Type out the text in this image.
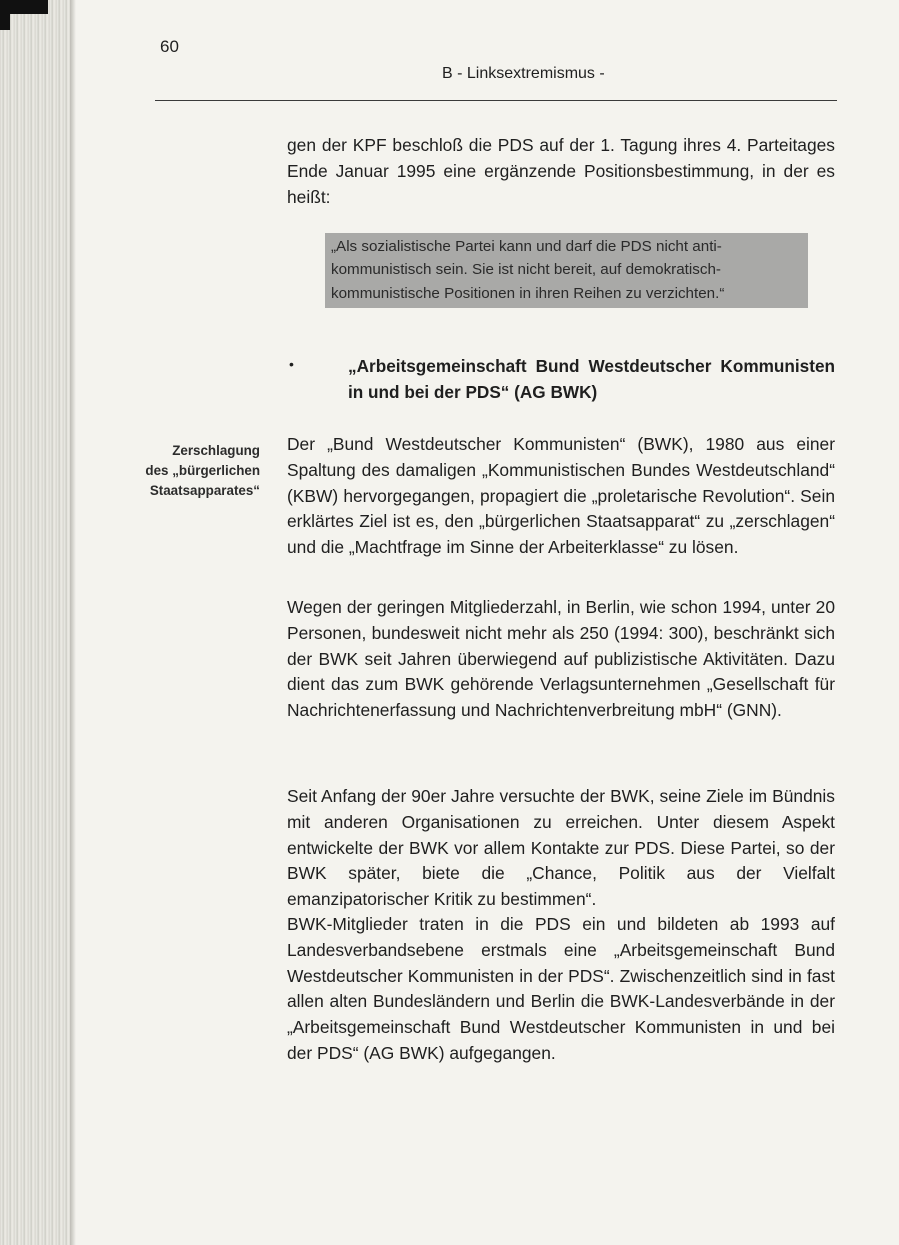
60
B - Linksextremismus -

gen der KPF beschloß die PDS auf der 1. Tagung ihres 4. Parteitages Ende Januar 1995 eine ergänzende Positionsbestimmung, in der es heißt:

„Als sozialistische Partei kann und darf die PDS nicht antikommunistisch sein. Sie ist nicht bereit, auf demokratisch-kommunistische Positionen in ihren Reihen zu verzichten.“

•	„Arbeitsgemeinschaft Bund Westdeutscher Kommunisten in und bei der PDS“ (AG BWK)

Zerschlagung
des „bürgerlichen
Staatsapparates“

Der „Bund Westdeutscher Kommunisten“ (BWK), 1980 aus einer Spaltung des damaligen „Kommunistischen Bundes Westdeutschland“ (KBW) hervorgegangen, propagiert die „proletarische Revolution“. Sein erklärtes Ziel ist es, den „bürgerlichen Staatsapparat“ zu „zerschlagen“ und die „Machtfrage im Sinne der Arbeiterklasse“ zu lösen.

Wegen der geringen Mitgliederzahl, in Berlin, wie schon 1994, unter 20 Personen, bundesweit nicht mehr als 250 (1994: 300), beschränkt sich der BWK seit Jahren überwiegend auf publizistische Aktivitäten. Dazu dient das zum BWK gehörende Verlagsunternehmen „Gesellschaft für Nachrichtenerfassung und Nachrichtenverbreitung mbH“ (GNN).

Seit Anfang der 90er Jahre versuchte der BWK, seine Ziele im Bündnis mit anderen Organisationen zu erreichen. Unter diesem Aspekt entwickelte der BWK vor allem Kontakte zur PDS. Diese Partei, so der BWK später, biete die „Chance, Politik aus der Vielfalt emanzipatorischer Kritik zu bestimmen“.

BWK-Mitglieder traten in die PDS ein und bildeten ab 1993 auf Landesverbandsebene erstmals eine „Arbeitsgemeinschaft Bund Westdeutscher Kommunisten in der PDS“. Zwischenzeitlich sind in fast allen alten Bundesländern und Berlin die BWK-Landesverbände in der „Arbeitsgemeinschaft Bund Westdeutscher Kommunisten in und bei der PDS“ (AG BWK) aufgegangen.
